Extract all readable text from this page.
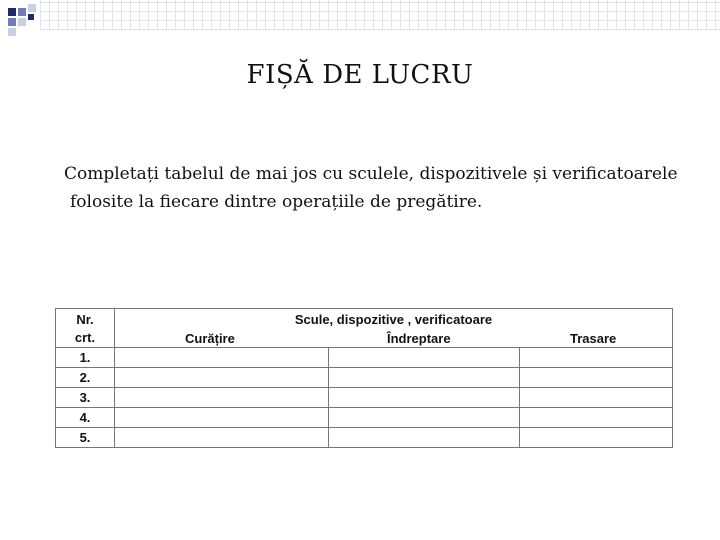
FIȘĂ DE LUCRU
Completați tabelul de mai jos cu sculele, dispozitivele și verificatoarele
folosite la fiecare dintre operațiile de pregătire.
Nr. crt.	Scule, dispozitive , verificatoare
Curățire Îndreptare Trasare		

1.			
2.			
3.			
4.			
5.			
